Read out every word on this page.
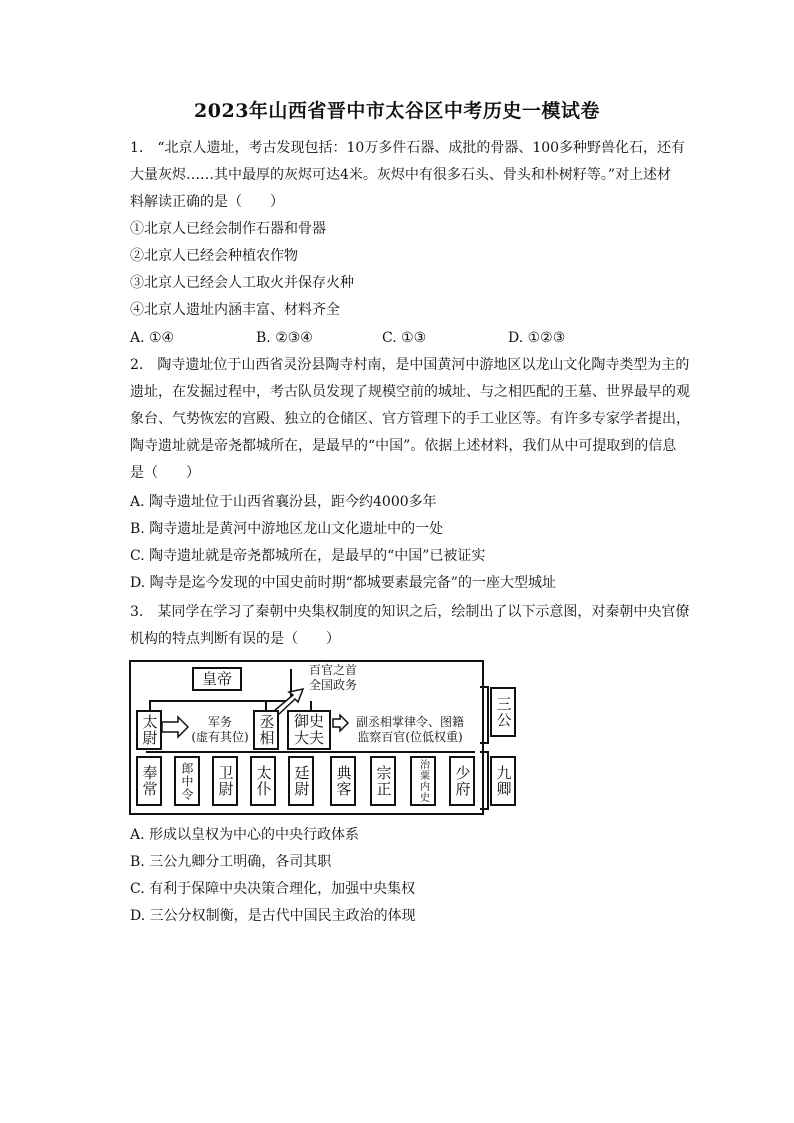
2023年山西省晋中市太谷区中考历史一模试卷
1.　“北京人遗址，考古发现包括：10万多件石器、成批的骨器、100多种野兽化石，还有
大量灰烬……其中最厚的灰烬可达4米。灰烬中有很多石头、骨头和朴树籽等。”对上述材
料解读正确的是（　　）
①北京人已经会制作石器和骨器
②北京人已经会种植农作物
③北京人已经会人工取火并保存火种
④北京人遗址内涵丰富、材料齐全
A. ①④	B. ②③④	C. ①③	D. ①②③
2.　陶寺遗址位于山西省灵汾县陶寺村南，是中国黄河中游地区以龙山文化陶寺类型为主的
遗址，在发掘过程中，考古队员发现了规模空前的城址、与之相匹配的王墓、世界最早的观
象台、气势恢宏的宫殿、独立的仓储区、官方管理下的手工业区等。有许多专家学者提出，
陶寺遗址就是帝尧都城所在，是最早的“中国”。依据上述材料，我们从中可提取到的信息
是（　　）
A. 陶寺遗址位于山西省襄汾县，距今约4000多年
B. 陶寺遗址是黄河中游地区龙山文化遗址中的一处
C. 陶寺遗址就是帝尧都城所在，是最早的“中国”已被证实
D. 陶寺是迄今发现的中国史前时期“都城要素最完备”的一座大型城址
3.　某同学在学习了秦朝中央集权制度的知识之后，绘制出了以下示意图，对秦朝中央官僚
机构的特点判断有误的是（　　）
皇帝	百官之首
全国政务
太尉	军务
(虚有其位) 丞相	御史大夫
副丞相掌律令、图籍
监察百官(位低权重)
三公
九卿
奉常	郎中令	卫尉	太仆	廷尉	典客	宗正	治粟内史	少府
A. 形成以皇权为中心的中央行政体系
B. 三公九卿分工明确，各司其职
C. 有利于保障中央决策合理化，加强中央集权
D. 三公分权制衡，是古代中国民主政治的体现
